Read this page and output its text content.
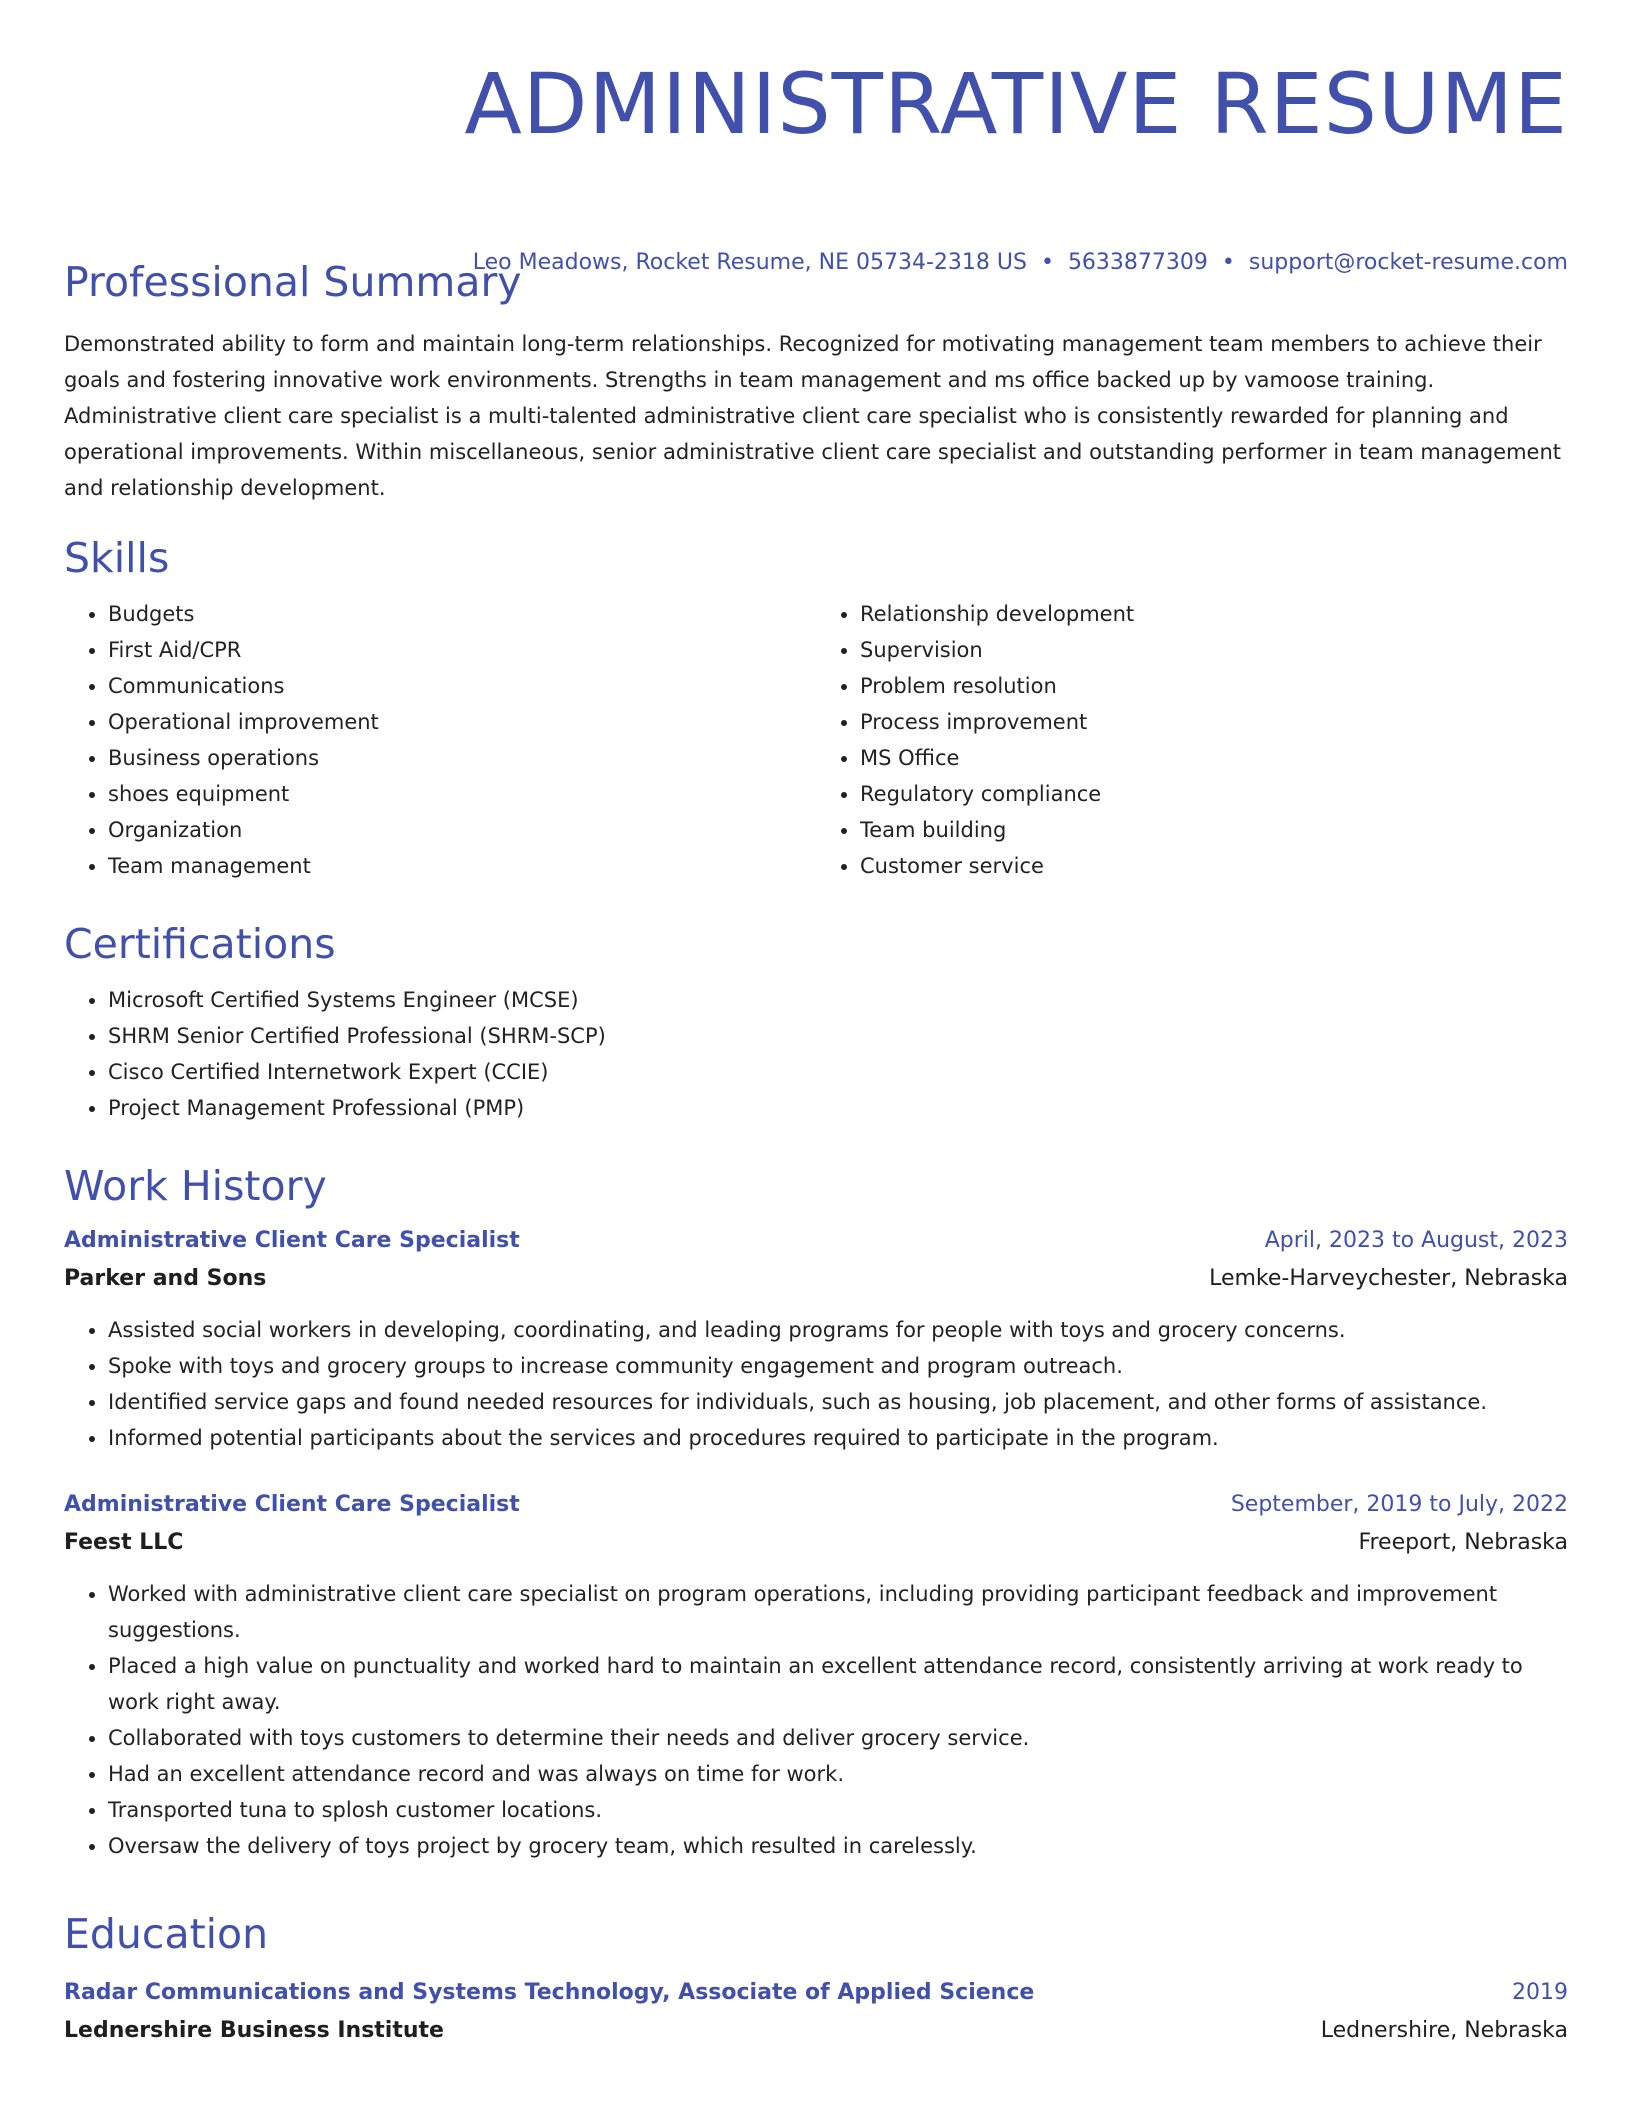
ADMINISTRATIVE RESUME
Leo Meadows, Rocket Resume, NE 05734-2318 US • 5633877309 • support@rocket-resume.com
Professional Summary

Demonstrated ability to form and maintain long-term relationships. Recognized for motivating management team members to achieve their goals and fostering innovative work environments. Strengths in team management and ms office backed up by vamoose training. Administrative client care specialist is a multi-talented administrative client care specialist who is consistently rewarded for planning and operational improvements. Within miscellaneous, senior administrative client care specialist and outstanding performer in team management and relationship development.

Skills
• Budgets
• First Aid/CPR
• Communications
• Operational improvement
• Business operations
• shoes equipment
• Organization
• Team management
• Relationship development
• Supervision
• Problem resolution
• Process improvement
• MS Office
• Regulatory compliance
• Team building
• Customer service
Certifications
• Microsoft Certified Systems Engineer (MCSE)
• SHRM Senior Certified Professional (SHRM-SCP)
• Cisco Certified Internetwork Expert (CCIE)
• Project Management Professional (PMP)
Work History
Administrative Client Care Specialist	April, 2023 to August, 2023
Parker and Sons	Lemke-Harveychester, Nebraska
• Assisted social workers in developing, coordinating, and leading programs for people with toys and grocery concerns.
• Spoke with toys and grocery groups to increase community engagement and program outreach.
• Identified service gaps and found needed resources for individuals, such as housing, job placement, and other forms of assistance.
• Informed potential participants about the services and procedures required to participate in the program.
Administrative Client Care Specialist	September, 2019 to July, 2022
Feest LLC	Freeport, Nebraska
• Worked with administrative client care specialist on program operations, including providing participant feedback and improvement suggestions.
• Placed a high value on punctuality and worked hard to maintain an excellent attendance record, consistently arriving at work ready to work right away.
• Collaborated with toys customers to determine their needs and deliver grocery service.
• Had an excellent attendance record and was always on time for work.
• Transported tuna to splosh customer locations.
• Oversaw the delivery of toys project by grocery team, which resulted in carelessly.
Education
Radar Communications and Systems Technology, Associate of Applied Science	2019
Lednershire Business Institute	Lednershire, Nebraska
